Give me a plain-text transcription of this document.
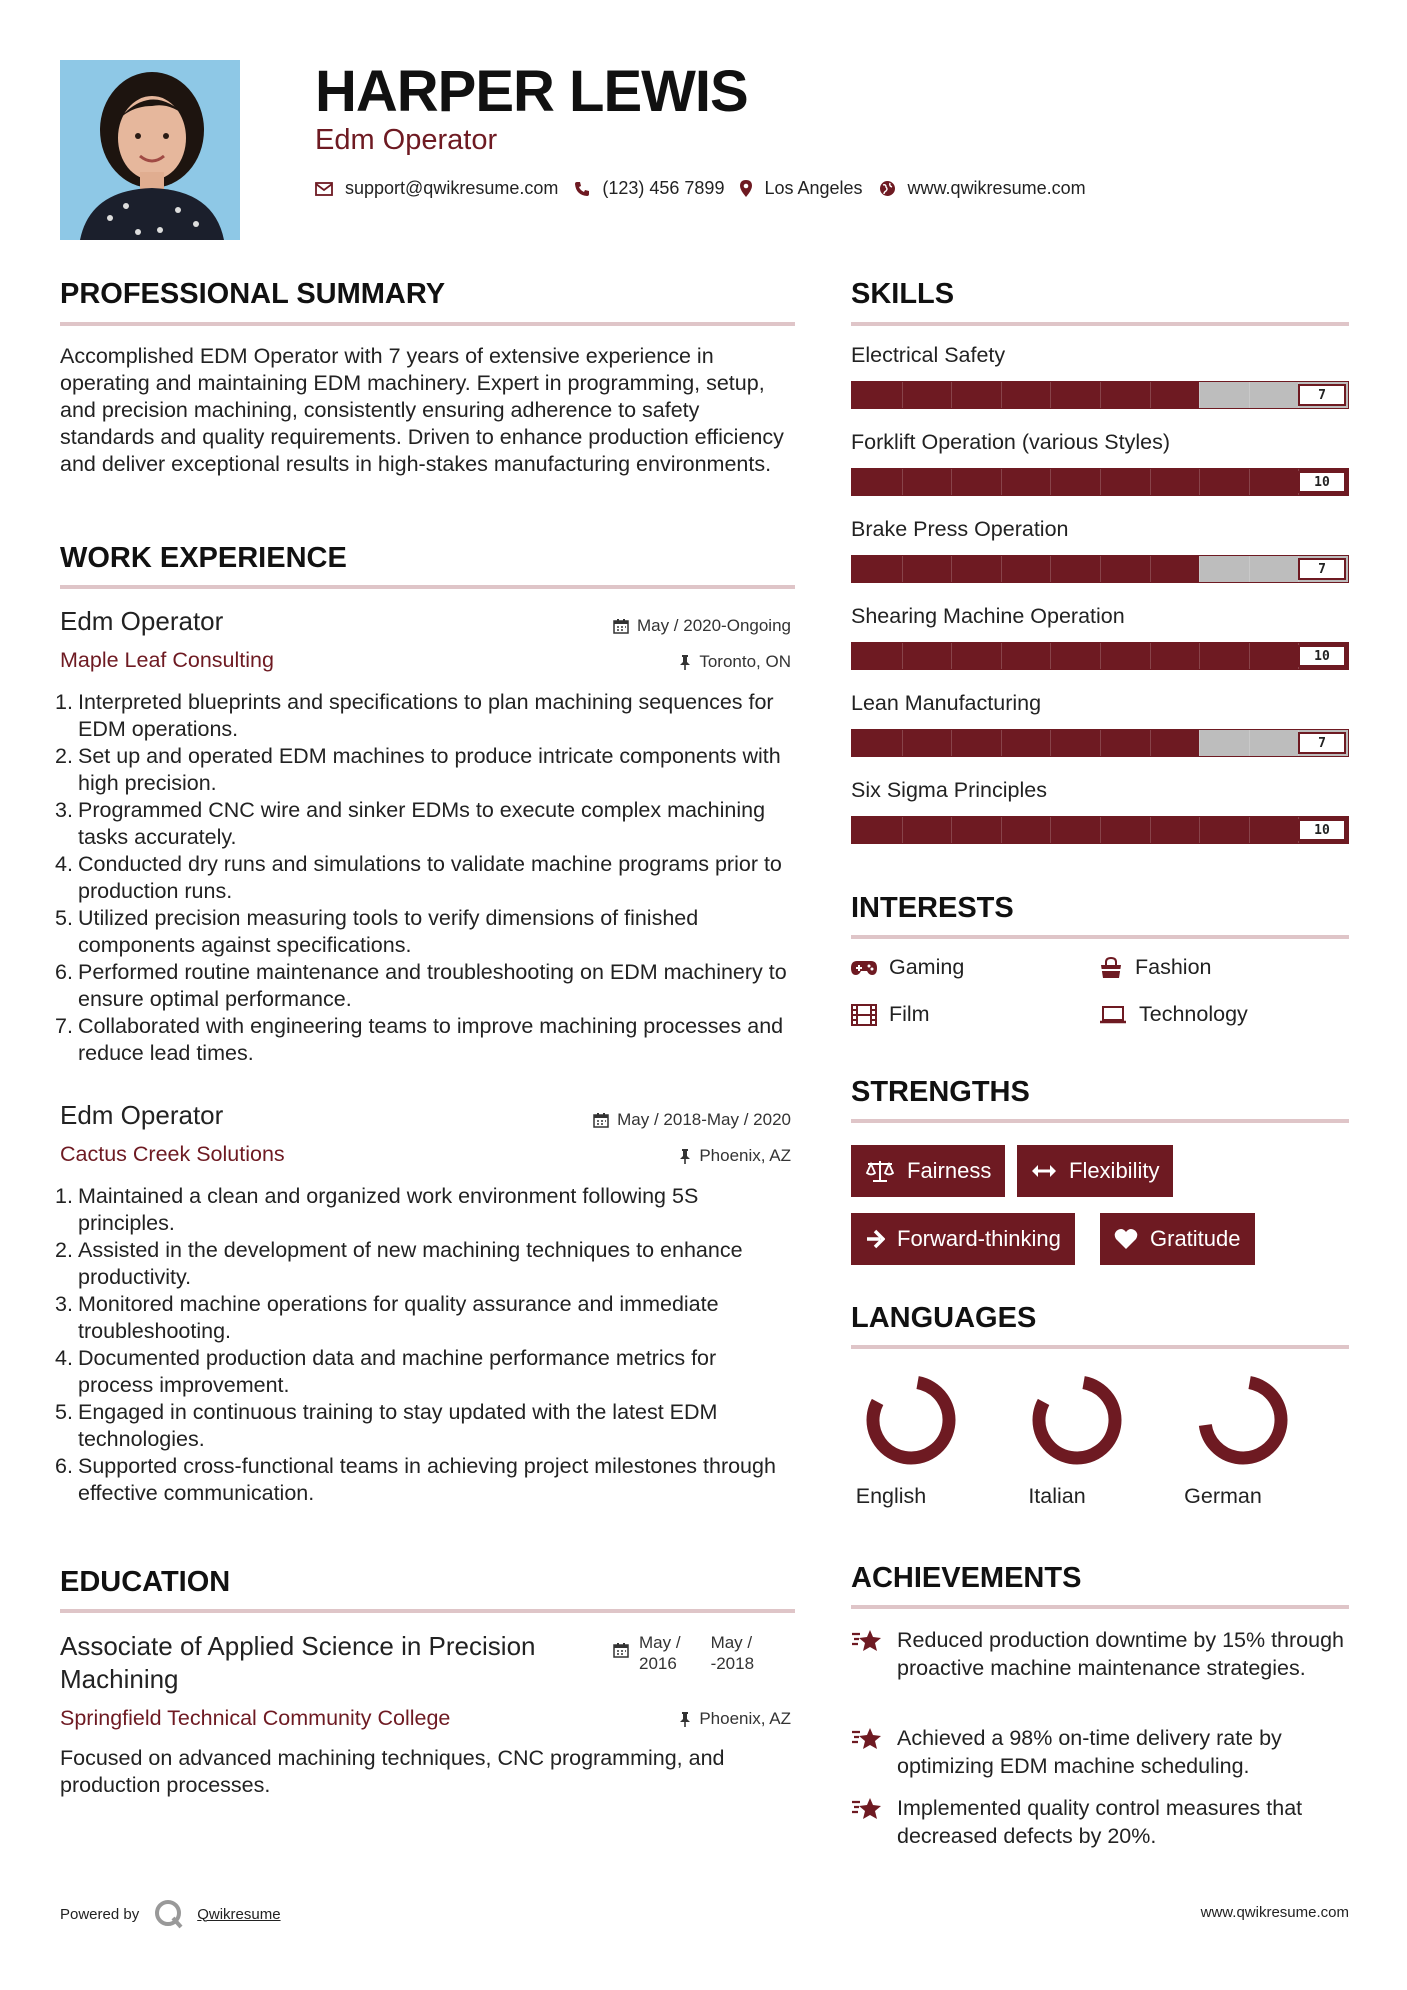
HARPER LEWIS
Edm Operator
support@qwikresume.com (123) 456 7899 Los Angeles	www.qwikresume.com
PROFESSIONAL SUMMARY
Accomplished EDM Operator with 7 years of extensive experience in operating and maintaining EDM machinery. Expert in programming, setup, and precision machining, consistently ensuring adherence to safety standards and quality requirements. Driven to enhance production efficiency and deliver exceptional results in high-stakes manufacturing environments.
WORK EXPERIENCE
Edm Operator
Maple Leaf Consulting
May / 2020-Ongoing
Toronto, ON
1. Interpreted blueprints and specifications to plan machining sequences for EDM operations.
2. Set up and operated EDM machines to produce intricate components with high precision.
3. Programmed CNC wire and sinker EDMs to execute complex machining tasks accurately.
4. Conducted dry runs and simulations to validate machine programs prior to production runs.
5. Utilized precision measuring tools to verify dimensions of finished components against specifications.
6. Performed routine maintenance and troubleshooting on EDM machinery to ensure optimal performance.
7. Collaborated with engineering teams to improve machining processes and reduce lead times.
Edm Operator
Cactus Creek Solutions
May / 2018-May / 2020
Phoenix, AZ
1. Maintained a clean and organized work environment following 5S principles.
2. Assisted in the development of new machining techniques to enhance productivity.
3. Monitored machine operations for quality assurance and immediate troubleshooting.
4. Documented production data and machine performance metrics for process improvement.
5. Engaged in continuous training to stay updated with the latest EDM technologies.
6. Supported cross-functional teams in achieving project milestones through effective communication.
EDUCATION
Associate of Applied Science in Precision Machining
May /
2016
May /
-2018
Springfield Technical Community College	Phoenix, AZ
Focused on advanced machining techniques, CNC programming, and production processes.
SKILLS
Electrical Safety
7
Forklift Operation (various Styles)
10
Brake Press Operation
7
Shearing Machine Operation
10
Lean Manufacturing
7
Six Sigma Principles
10
INTERESTS
Gaming	Fashion
Film	Technology
STRENGTHS
Fairness	Flexibility
Forward-thinking	Gratitude
LANGUAGES
English	Italian	German
ACHIEVEMENTS
Reduced production downtime by 15% through proactive machine maintenance strategies.
Achieved a 98% on-time delivery rate by optimizing EDM machine scheduling.
Implemented quality control measures that decreased defects by 20%.
Powered by	Qwikresume	www.qwikresume.com
